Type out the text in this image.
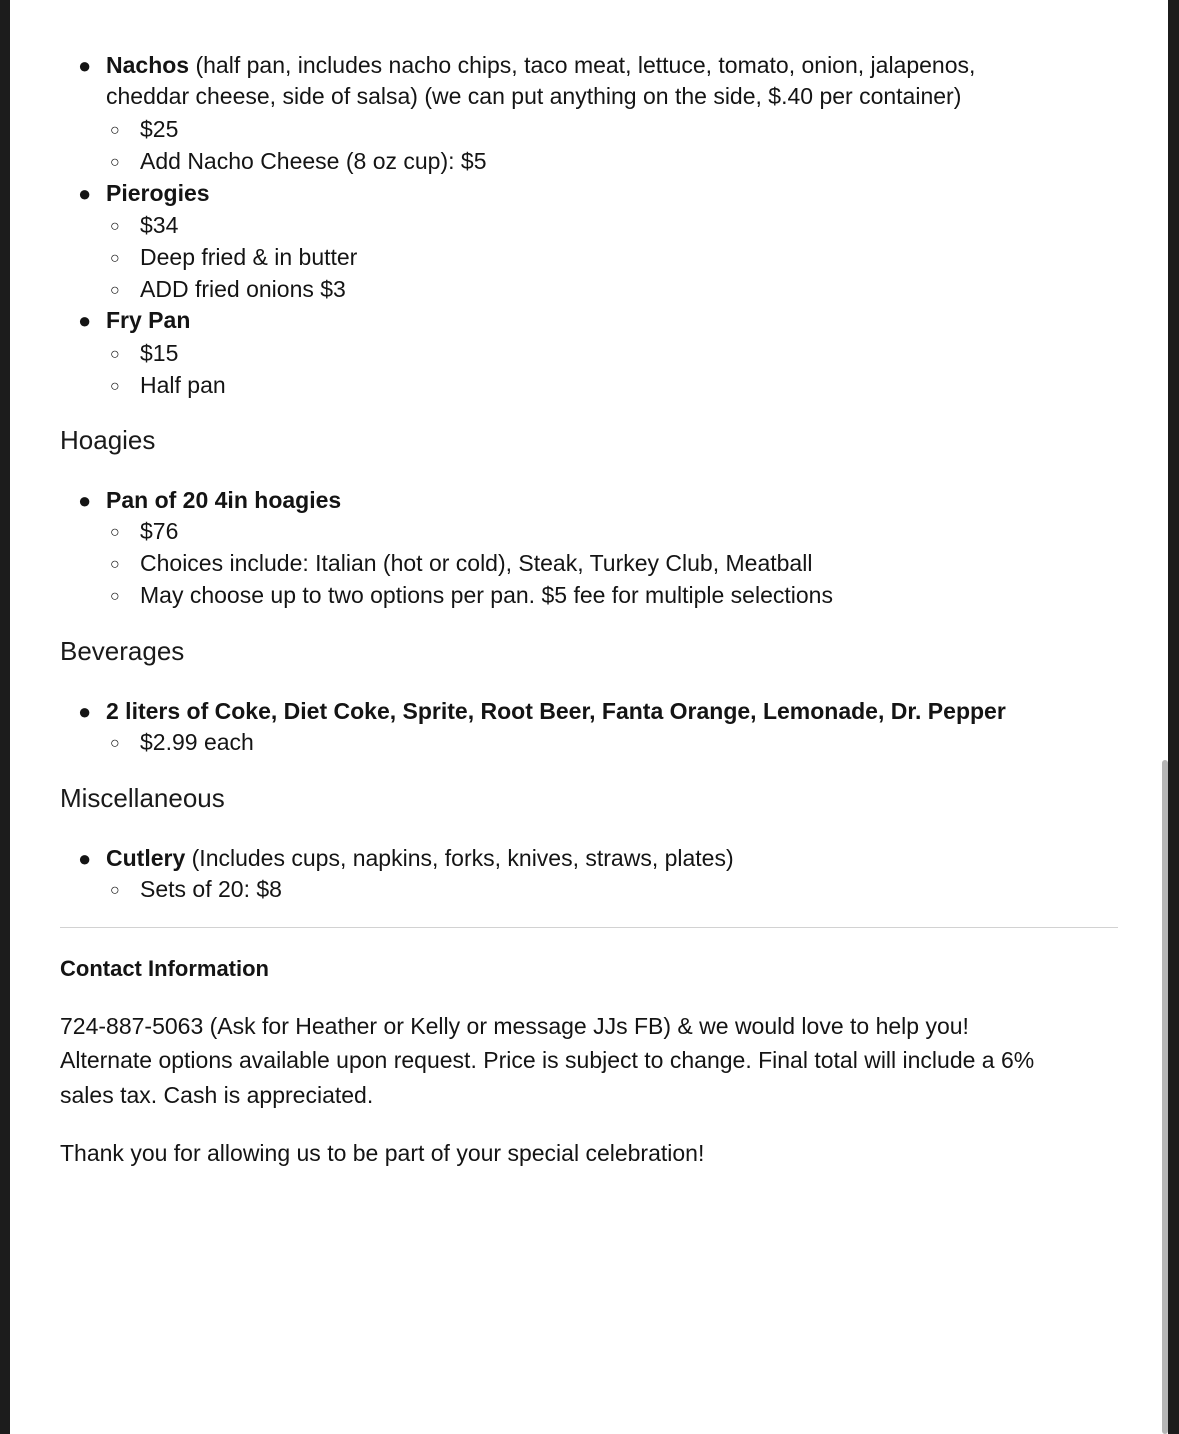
● Nachos (half pan, includes nacho chips, taco meat, lettuce, tomato, onion, jalapenos,
cheddar cheese, side of salsa) (we can put anything on the side, $.40 per container)
○ $25
○ Add Nacho Cheese (8 oz cup): $5
● Pierogies
○ $34
○ Deep fried & in butter
○ ADD fried onions $3
● Fry Pan
○ $15
○ Half pan
Hoagies
● Pan of 20 4in hoagies
○ $76
○ Choices include: Italian (hot or cold), Steak, Turkey Club, Meatball
○ May choose up to two options per pan. $5 fee for multiple selections
Beverages
● 2 liters of Coke, Diet Coke, Sprite, Root Beer, Fanta Orange, Lemonade, Dr. Pepper
○ $2.99 each
Miscellaneous
● Cutlery (Includes cups, napkins, forks, knives, straws, plates)
○ Sets of 20: $8
Contact Information
724-887-5063 (Ask for Heather or Kelly or message JJs FB) & we would love to help you!
Alternate options available upon request. Price is subject to change. Final total will include a 6%
sales tax. Cash is appreciated.
Thank you for allowing us to be part of your special celebration!
